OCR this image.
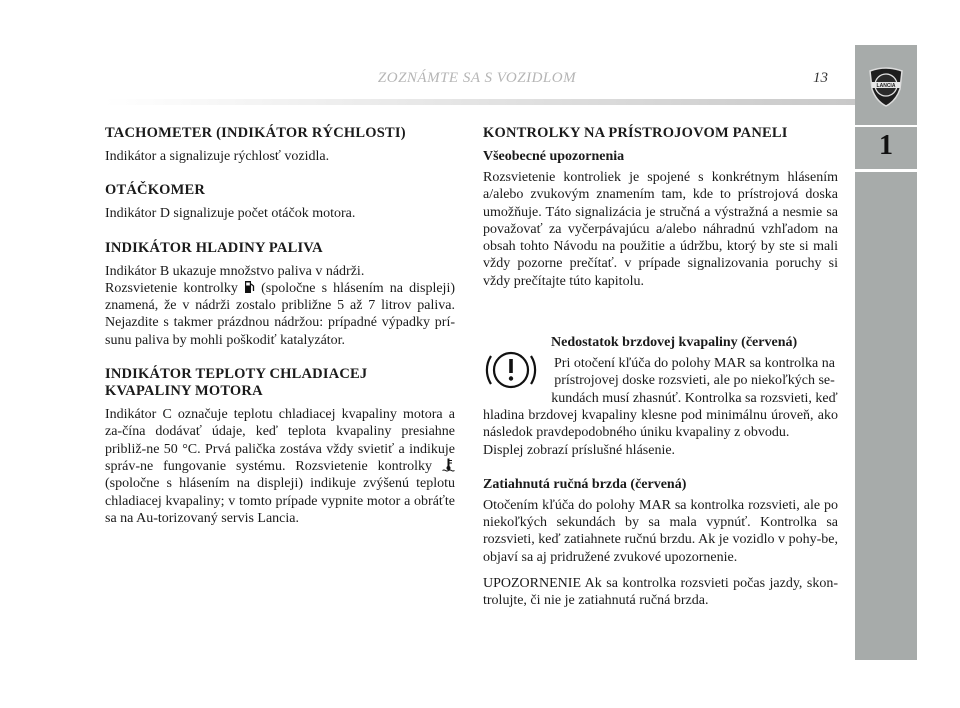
ZOZNÁMTE SA S VOZIDLOM	13	LANCIA
1
TACHOMETER (INDIKÁTOR RÝCHLOSTI)

Indikátor a signalizuje rýchlosť vozidla.

OTÁČKOMER

Indikátor D signalizuje počet otáčok motora.

INDIKÁTOR HLADINY PALIVA

Indikátor B ukazuje množstvo paliva v nádrži.

Rozsvietenie kontrolky (spoločne s hlásením na displeji) znamená, že v nádrži zostalo približne 5 až 7 litrov paliva. Nejazdite s takmer prázdnou nádržou: prípadné výpadky prí-sunu paliva by mohli poškodiť katalyzátor.

INDIKÁTOR TEPLOTY CHLADIACEJ
KVAPALINY MOTORA

Indikátor C označuje teplotu chladiacej kvapaliny motora a za-čína dodávať údaje, keď teplota kvapaliny presiahne približ-ne 50 °C. Prvá palička zostáva vždy svietiť a indikuje správ-ne fungovanie systému. Rozsvietenie kontrolky  (spoločne s hlásením na displeji) indikuje zvýšenú teplotu chladiacej kvapaliny; v tomto prípade vypnite motor a obráťte sa na Au-torizovaný servis Lancia.

KONTROLKY NA PRÍSTROJOVOM PANELI
Všeobecné upozornenia

Rozsvietenie kontroliek je spojené s konkrétnym hlásením a/alebo zvukovým znamením tam, kde to prístrojová doska umožňuje. Táto signalizácia je stručná a výstražná a nesmie sa považovať za vyčerpávajúcu a/alebo náhradnú vzhľadom na obsah tohto Návodu na použitie a údržbu, ktorý by ste si mali vždy pozorne prečítať. v prípade signalizovania poruchy si vždy prečítajte túto kapitolu.

Nedostatok brzdovej kvapaliny (červená)

Pri otočení kľúča do polohy MAR sa kontrolka na prístrojovej doske rozsvieti, ale po niekoľkých se-kundách musí zhasnúť. Kontrolka sa rozsvieti, keď

hladina brzdovej kvapaliny klesne pod minimálnu úroveň, ako následok pravdepodobného úniku kvapaliny z obvodu.

Displej zobrazí príslušné hlásenie.

Zatiahnutá ručná brzda (červená)

Otočením kľúča do polohy MAR sa kontrolka rozsvieti, ale po niekoľkých sekundách by sa mala vypnúť. Kontrolka sa rozsvieti, keď zatiahnete ručnú brzdu. Ak je vozidlo v pohy-be, objaví sa aj pridružené zvukové upozornenie.

UPOZORNENIE Ak sa kontrolka rozsvieti počas jazdy, skon-trolujte, či nie je zatiahnutá ručná brzda.
